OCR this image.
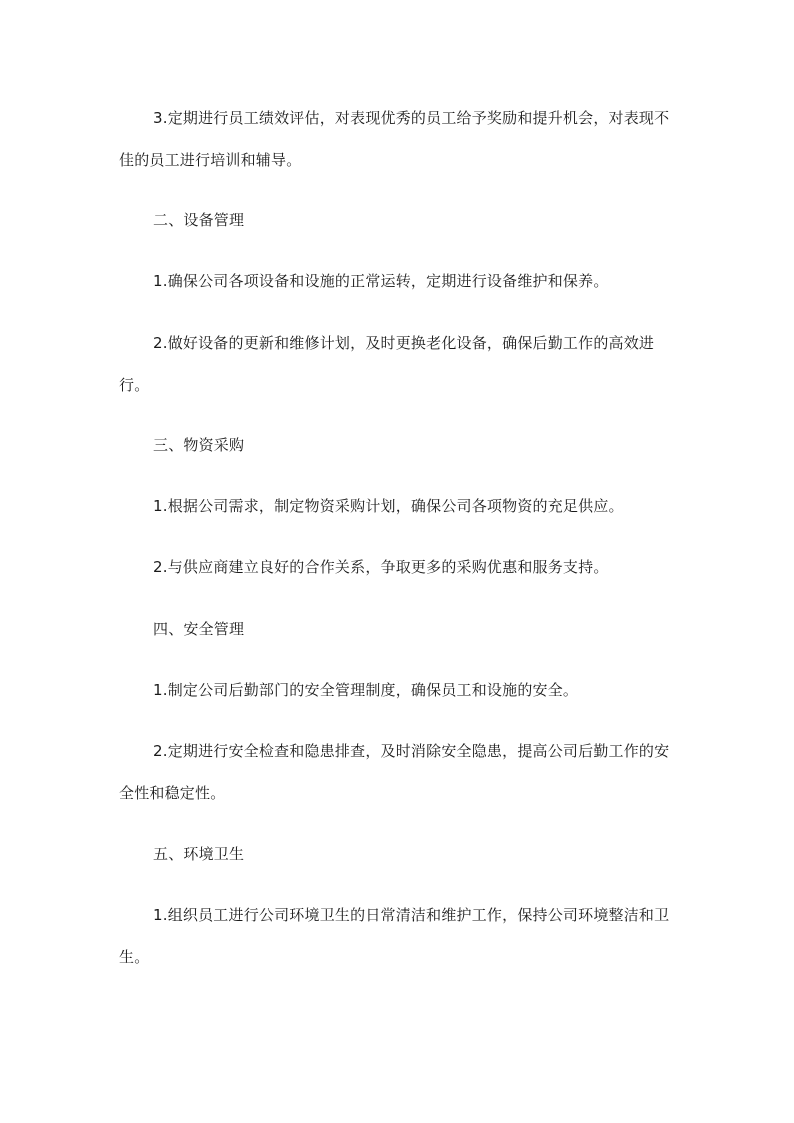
3.定期进行员工绩效评估，对表现优秀的员工给予奖励和提升机会，对表现不佳的员工进行培训和辅导。

二、设备管理

1.确保公司各项设备和设施的正常运转，定期进行设备维护和保养。

2.做好设备的更新和维修计划，及时更换老化设备，确保后勤工作的高效进行。

三、物资采购

1.根据公司需求，制定物资采购计划，确保公司各项物资的充足供应。

2.与供应商建立良好的合作关系，争取更多的采购优惠和服务支持。

四、安全管理

1.制定公司后勤部门的安全管理制度，确保员工和设施的安全。

2.定期进行安全检查和隐患排查，及时消除安全隐患，提高公司后勤工作的安全性和稳定性。

五、环境卫生

1.组织员工进行公司环境卫生的日常清洁和维护工作，保持公司环境整洁和卫生。
